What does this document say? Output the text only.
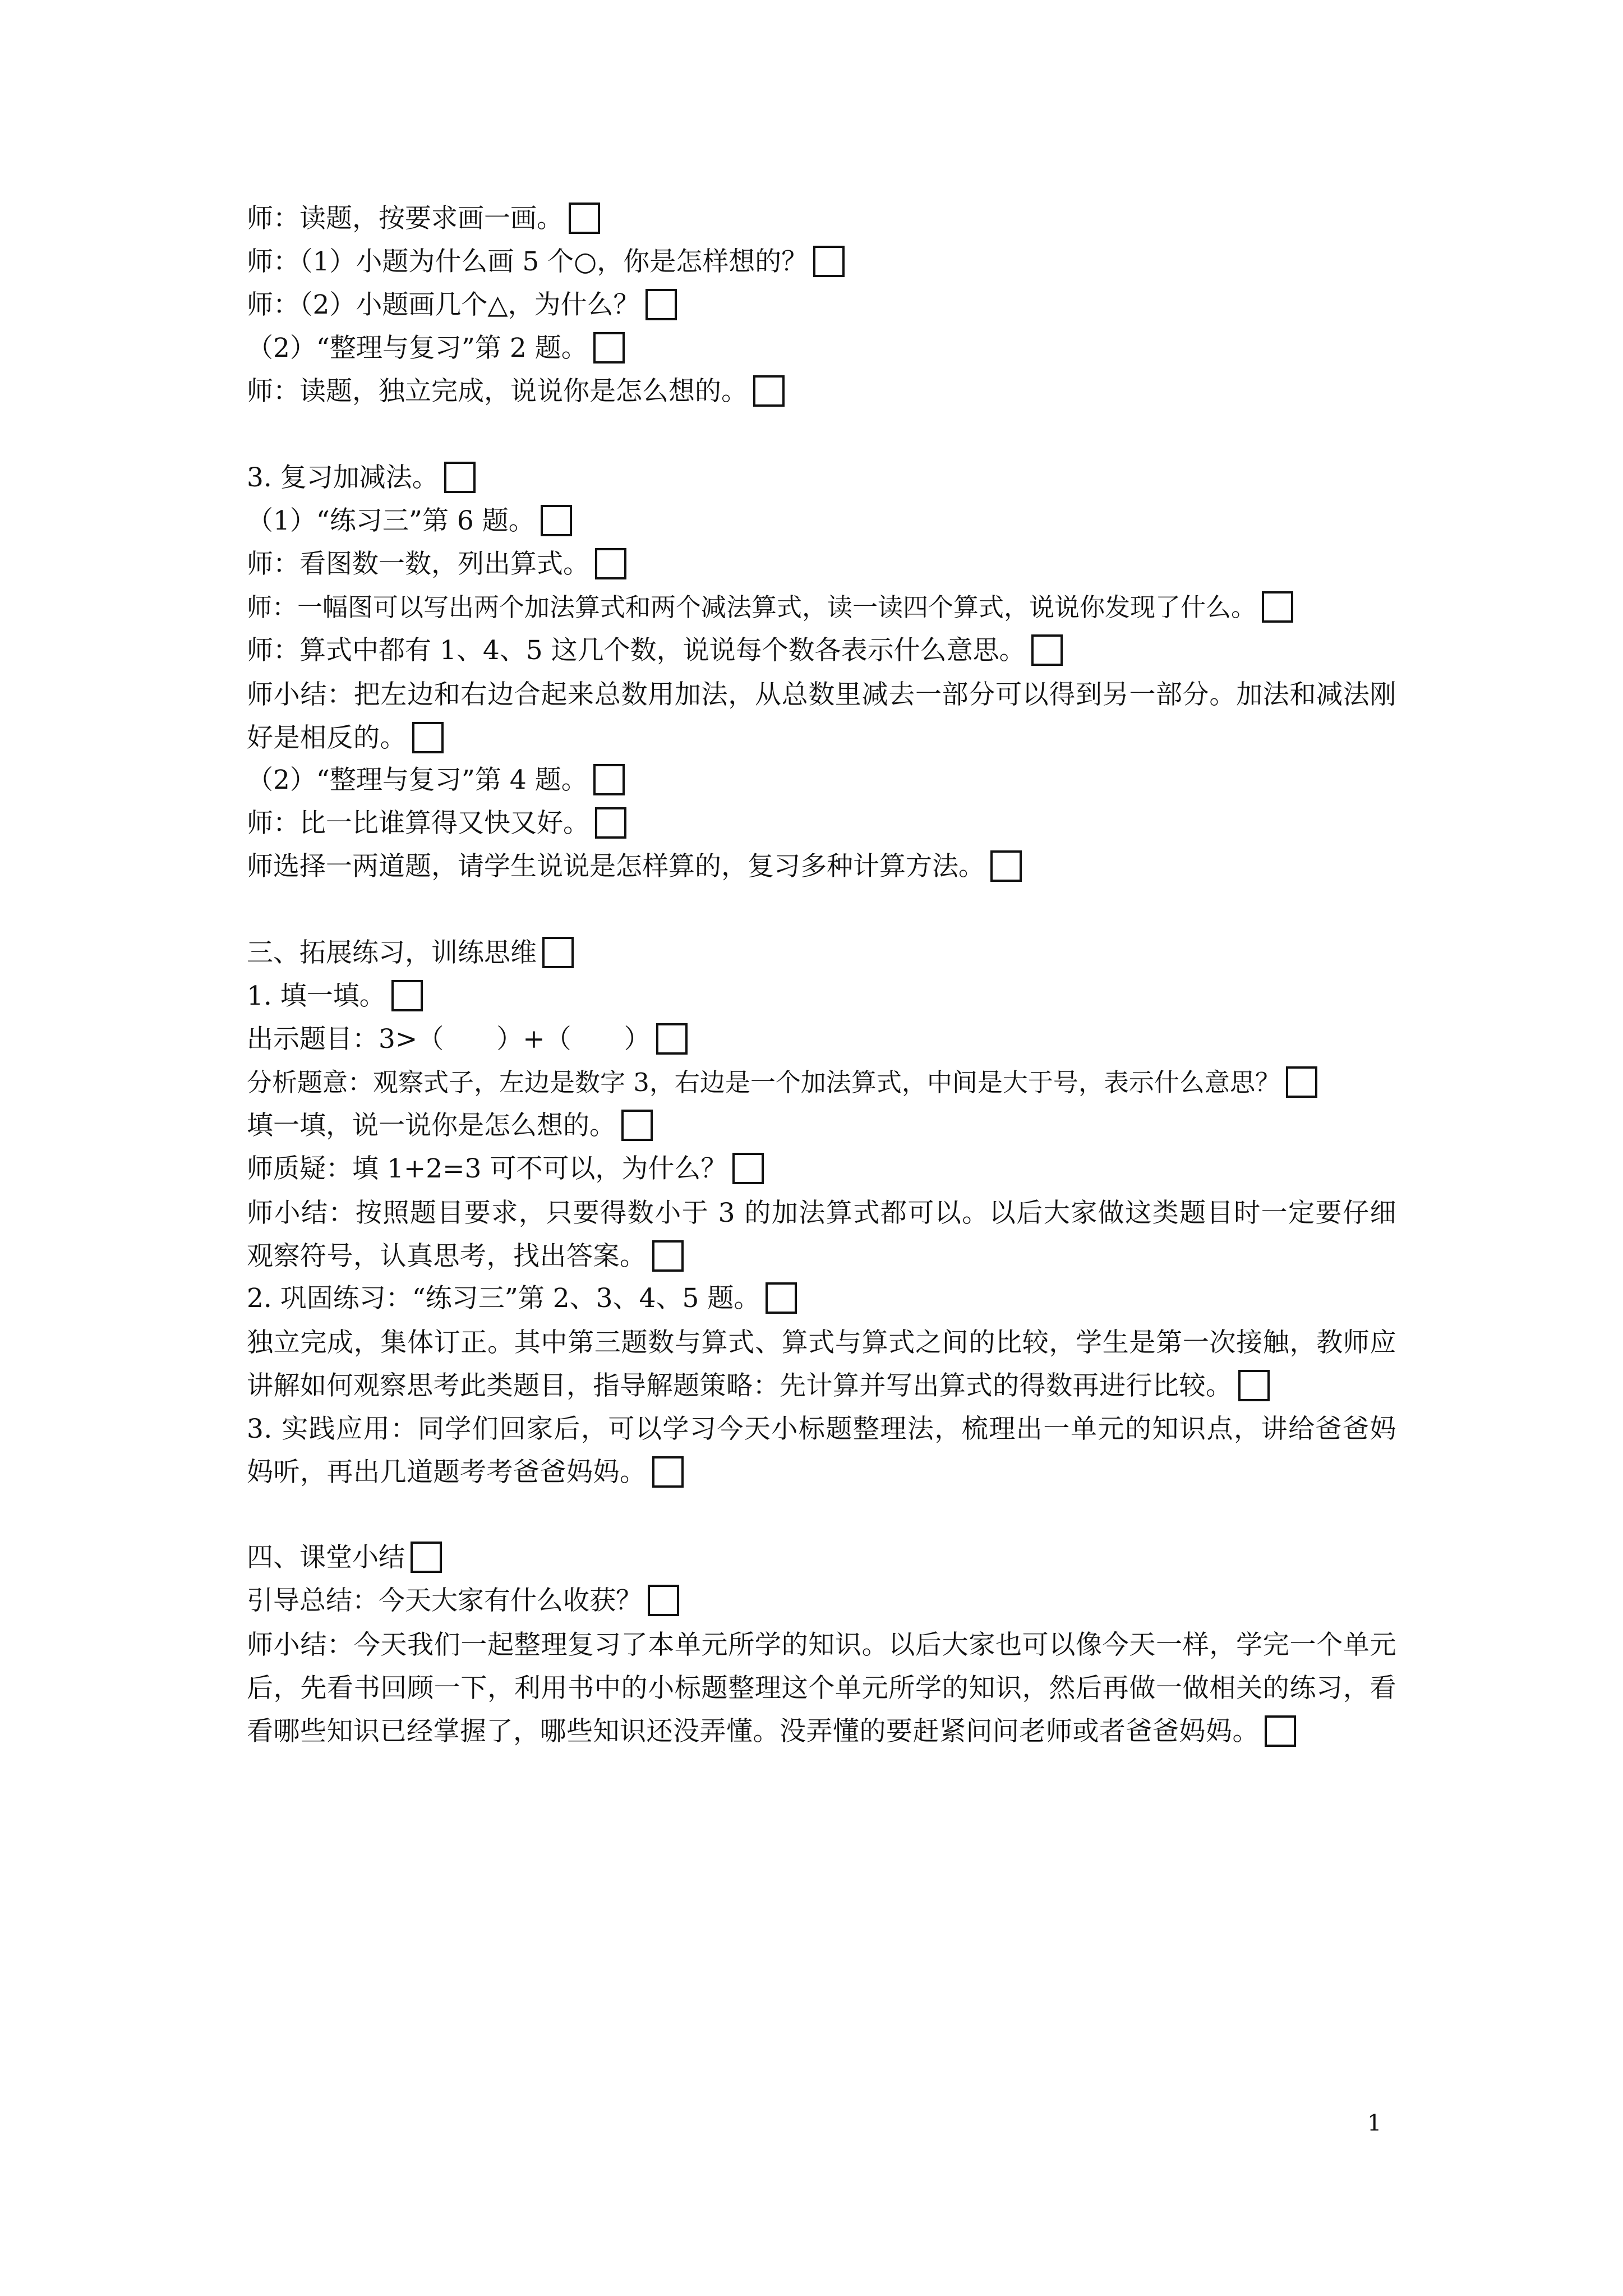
师：读题，按要求画一画。
师：（1）小题为什么画 5 个○，你是怎样想的？
师：（2）小题画几个△，为什么？
（2）“整理与复习”第 2 题。
师：读题，独立完成，说说你是怎么想的。
3. 复习加减法。
（1）“练习三”第 6 题。
师：看图数一数，列出算式。
师：一幅图可以写出两个加法算式和两个减法算式，读一读四个算式，说说你发现了什么。
师：算式中都有 1、4、5 这几个数，说说每个数各表示什么意思。
师小结：把左边和右边合起来总数用加法，从总数里减去一部分可以得到另一部分。加法和减法刚好是相反的。
（2）“整理与复习”第 4 题。
师：比一比谁算得又快又好。
师选择一两道题，请学生说说是怎样算的，复习多种计算方法。
三、拓展练习，训练思维
1. 填一填。
出示题目：3>（　　）+（　　）
分析题意：观察式子，左边是数字 3，右边是一个加法算式，中间是大于号，表示什么意思？
填一填，说一说你是怎么想的。
师质疑：填 1+2=3 可不可以，为什么？
师小结：按照题目要求，只要得数小于 3 的加法算式都可以。以后大家做这类题目时一定要仔细观察符号，认真思考，找出答案。
2. 巩固练习：“练习三”第 2、3、4、5 题。
独立完成，集体订正。其中第三题数与算式、算式与算式之间的比较，学生是第一次接触，教师应讲解如何观察思考此类题目，指导解题策略：先计算并写出算式的得数再进行比较。
3. 实践应用：同学们回家后，可以学习今天小标题整理法，梳理出一单元的知识点，讲给爸爸妈妈听，再出几道题考考爸爸妈妈。
四、课堂小结
引导总结：今天大家有什么收获？
师小结：今天我们一起整理复习了本单元所学的知识。以后大家也可以像今天一样，学完一个单元后，先看书回顾一下，利用书中的小标题整理这个单元所学的知识，然后再做一做相关的练习，看看哪些知识已经掌握了，哪些知识还没弄懂。没弄懂的要赶紧问问老师或者爸爸妈妈。
1
